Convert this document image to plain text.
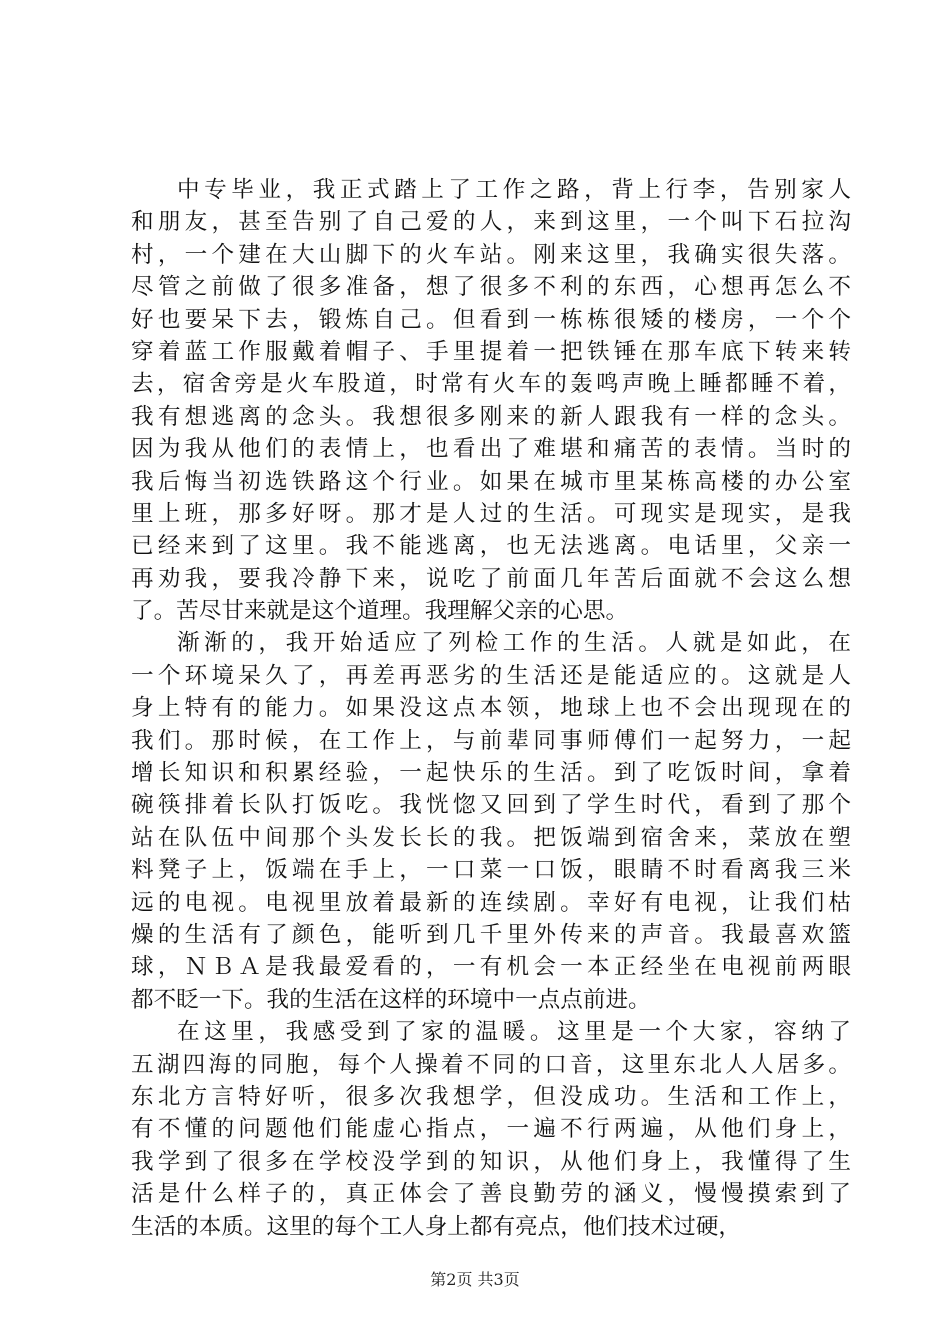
中专毕业，我正式踏上了工作之路，背上行李，告别家人
和朋友，甚至告别了自己爱的人，来到这里，一个叫下石拉沟
村，一个建在大山脚下的火车站。刚来这里，我确实很失落。
尽管之前做了很多准备，想了很多不利的东西，心想再怎么不
好也要呆下去，锻炼自己。但看到一栋栋很矮的楼房，一个个
穿着蓝工作服戴着帽子、手里提着一把铁锤在那车底下转来转
去，宿舍旁是火车股道，时常有火车的轰鸣声晚上睡都睡不着，
我有想逃离的念头。我想很多刚来的新人跟我有一样的念头。
因为我从他们的表情上，也看出了难堪和痛苦的表情。当时的
我后悔当初选铁路这个行业。如果在城市里某栋高楼的办公室
里上班，那多好呀。那才是人过的生活。可现实是现实，是我
已经来到了这里。我不能逃离，也无法逃离。电话里，父亲一
再劝我，要我冷静下来，说吃了前面几年苦后面就不会这么想
了。苦尽甘来就是这个道理。我理解父亲的心思。
渐渐的，我开始适应了列检工作的生活。人就是如此，在
一个环境呆久了，再差再恶劣的生活还是能适应的。这就是人
身上特有的能力。如果没这点本领，地球上也不会出现现在的
我们。那时候，在工作上，与前辈同事师傅们一起努力，一起
增长知识和积累经验，一起快乐的生活。到了吃饭时间，拿着
碗筷排着长队打饭吃。我恍惚又回到了学生时代，看到了那个
站在队伍中间那个头发长长的我。把饭端到宿舍来，菜放在塑
料凳子上，饭端在手上，一口菜一口饭，眼睛不时看离我三米
远的电视。电视里放着最新的连续剧。幸好有电视，让我们枯
燥的生活有了颜色，能听到几千里外传来的声音。我最喜欢篮
球，ＮＢＡ是我最爱看的，一有机会一本正经坐在电视前两眼
都不眨一下。我的生活在这样的环境中一点点前进。
在这里，我感受到了家的温暖。这里是一个大家，容纳了
五湖四海的同胞，每个人操着不同的口音，这里东北人人居多。
东北方言特好听，很多次我想学，但没成功。生活和工作上，
有不懂的问题他们能虚心指点，一遍不行两遍，从他们身上，
我学到了很多在学校没学到的知识，从他们身上，我懂得了生
活是什么样子的，真正体会了善良勤劳的涵义，慢慢摸索到了
生活的本质。这里的每个工人身上都有亮点，他们技术过硬，
第2页 共3页
